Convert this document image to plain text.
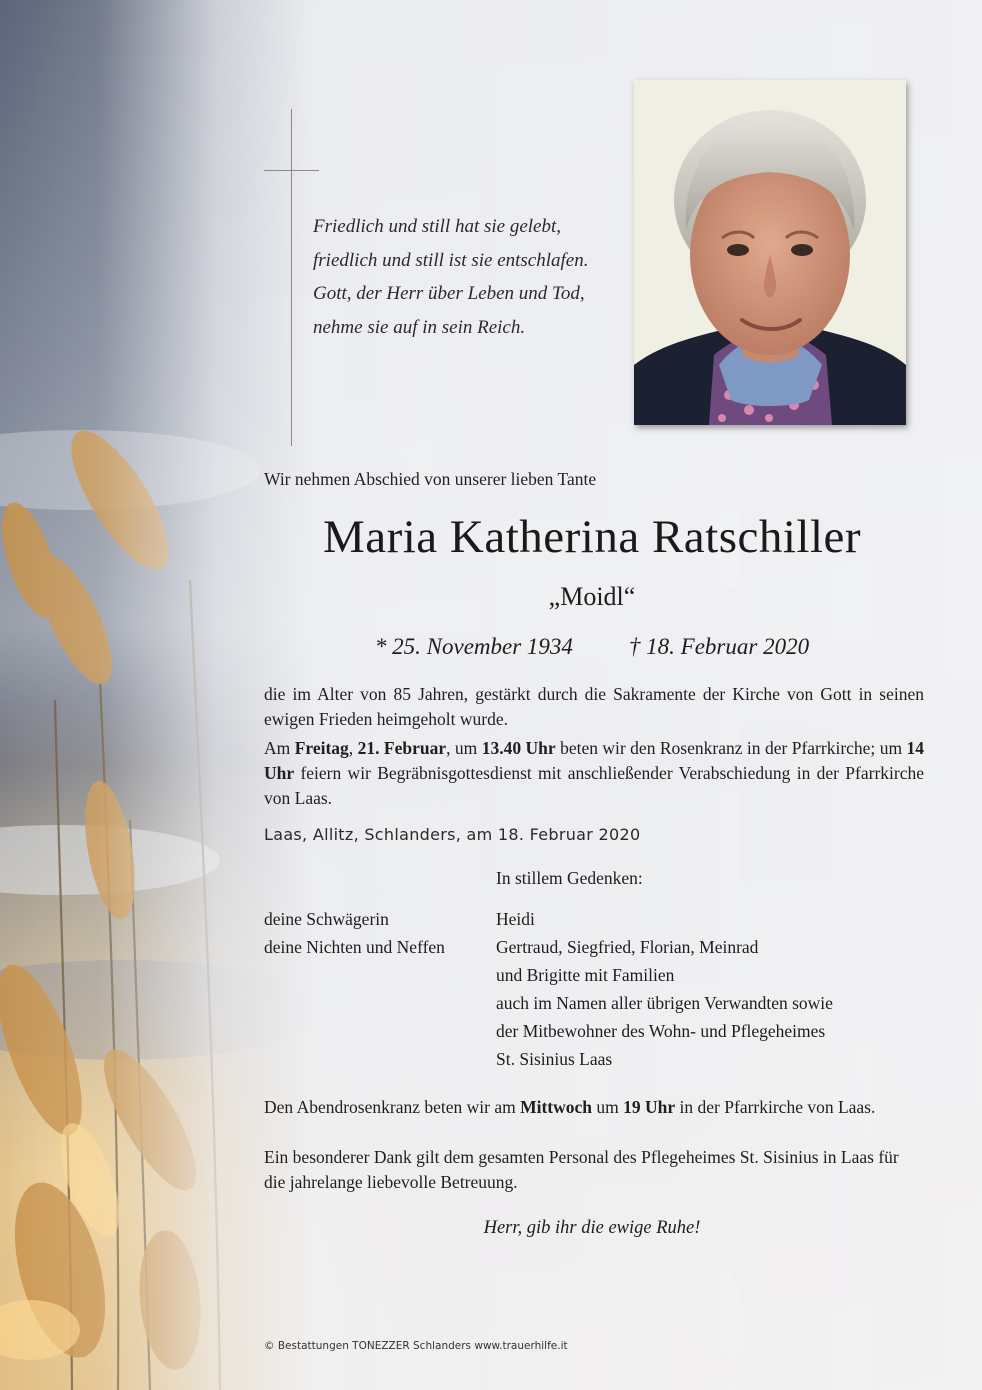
Friedlich und still hat sie gelebt,
friedlich und still ist sie entschlafen.
Gott, der Herr über Leben und Tod,
nehme sie auf in sein Reich.
Wir nehmen Abschied von unserer lieben Tante
Maria Katherina Ratschiller
„Moidl“
* 25. November 1934 † 18. Februar 2020

die im Alter von 85 Jahren, gestärkt durch die Sakramente der Kirche von Gott in seinen ewigen Frieden heimgeholt wurde.

Am Freitag, 21. Februar, um 13.40 Uhr beten wir den Rosenkranz in der Pfarrkirche; um 14 Uhr feiern wir Begräbnisgottesdienst mit anschließender Verabschiedung in der Pfarrkirche von Laas.

Laas, Allitz, Schlanders, am 18. Februar 2020
In stillem Gedenken:
deine Schwägerin	Heidi
deine Nichten und Neffen	Gertraud, Siegfried, Florian, Meinrad
und Brigitte mit Familien
auch im Namen aller übrigen Verwandten sowie
der Mitbewohner des Wohn- und Pflegeheimes
St. Sisinius Laas

Den Abendrosenkranz beten wir am Mittwoch um 19 Uhr in der Pfarrkirche von Laas.

Ein besonderer Dank gilt dem gesamten Personal des Pflegeheimes St. Sisinius in Laas für die jahrelange liebevolle Betreuung.

Herr, gib ihr die ewige Ruhe!
© Bestattungen TONEZZER Schlanders www.trauerhilfe.it
